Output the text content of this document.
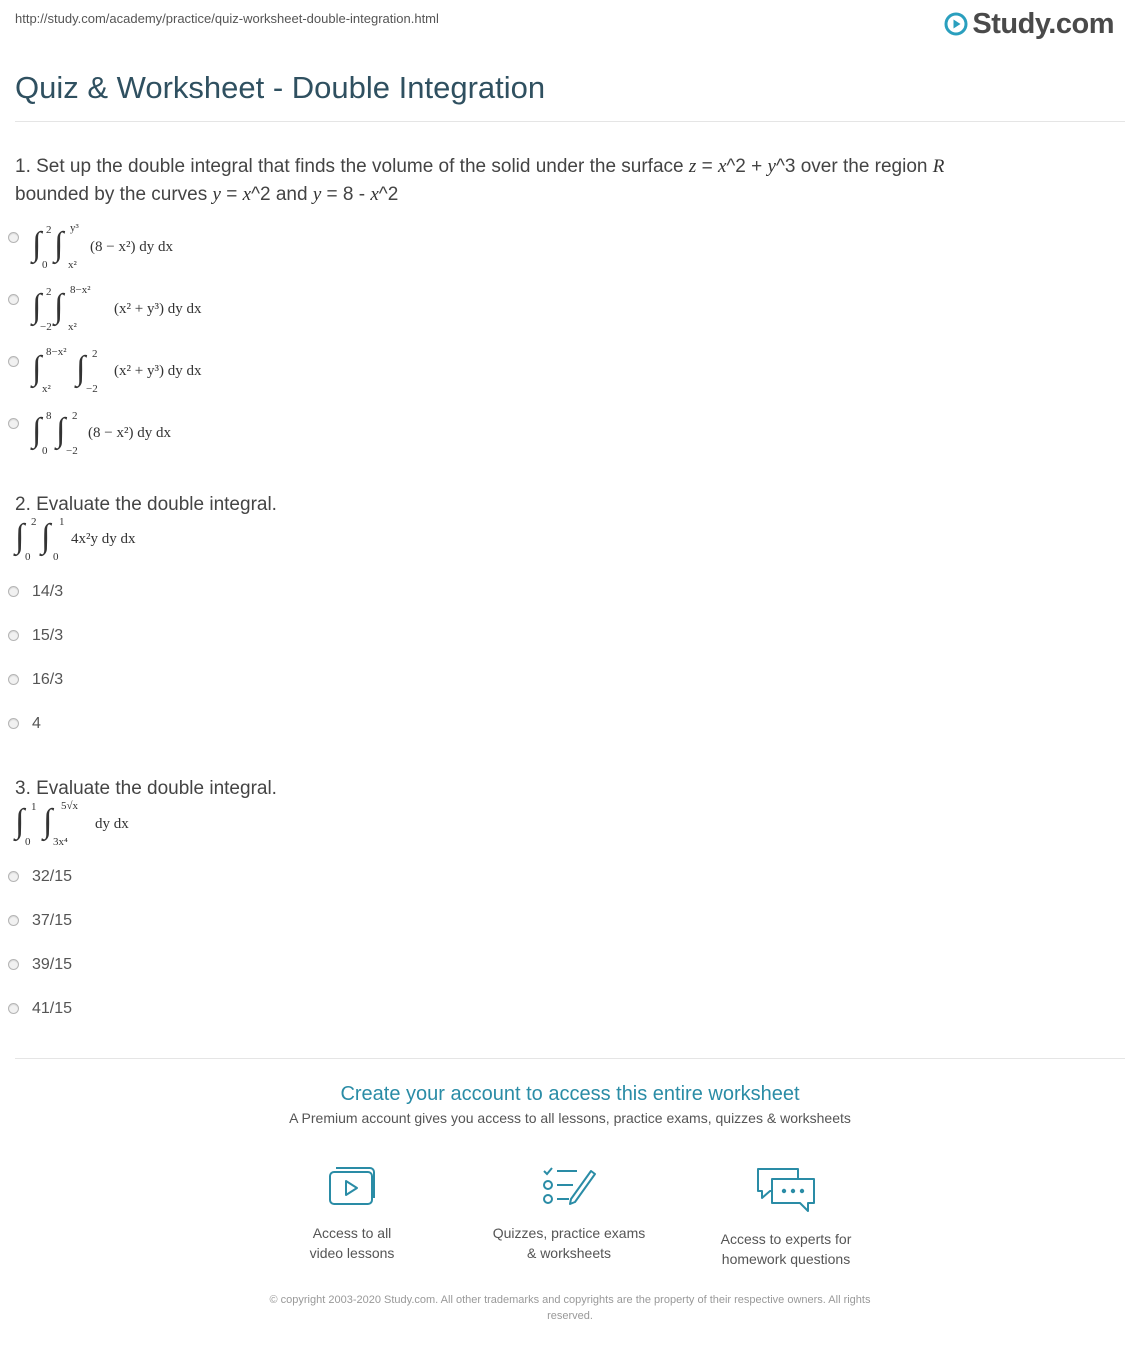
http://study.com/academy/practice/quiz-worksheet-double-integration.html	Study.com
Quiz & Worksheet - Double Integration

1. Set up the double integral that finds the volume of the solid under the surface z = x^2 + y^3 over the region R
bounded by the curves y = x^2 and y = 8 - x^2

∫ 2
0
∫ y³
x²
(8 − x²) dy dx
∫ 2
−2
∫ 8−x²
x²
(x² + y³) dy dx
∫ 8−x²
x²
∫ 2
−2
(x² + y³) dy dx
∫ 8
0
∫ 2
−2
(8 − x²) dy dx

2. Evaluate the double integral.

∫ 2
0
∫ 1
0
4x²y dy dx
14/3
15/3
16/3
4

3. Evaluate the double integral.

∫ 1
0
∫ 5√x
3x⁴
dy dx
32/15
37/15
39/15
41/15

Create your account to access this entire worksheet

A Premium account gives you access to all lessons, practice exams, quizzes & worksheets
Access to all
video lessons
Quizzes, practice exams
& worksheets
Access to experts for
homework questions
© copyright 2003-2020 Study.com. All other trademarks and copyrights are the property of their respective owners. All rights
reserved.
